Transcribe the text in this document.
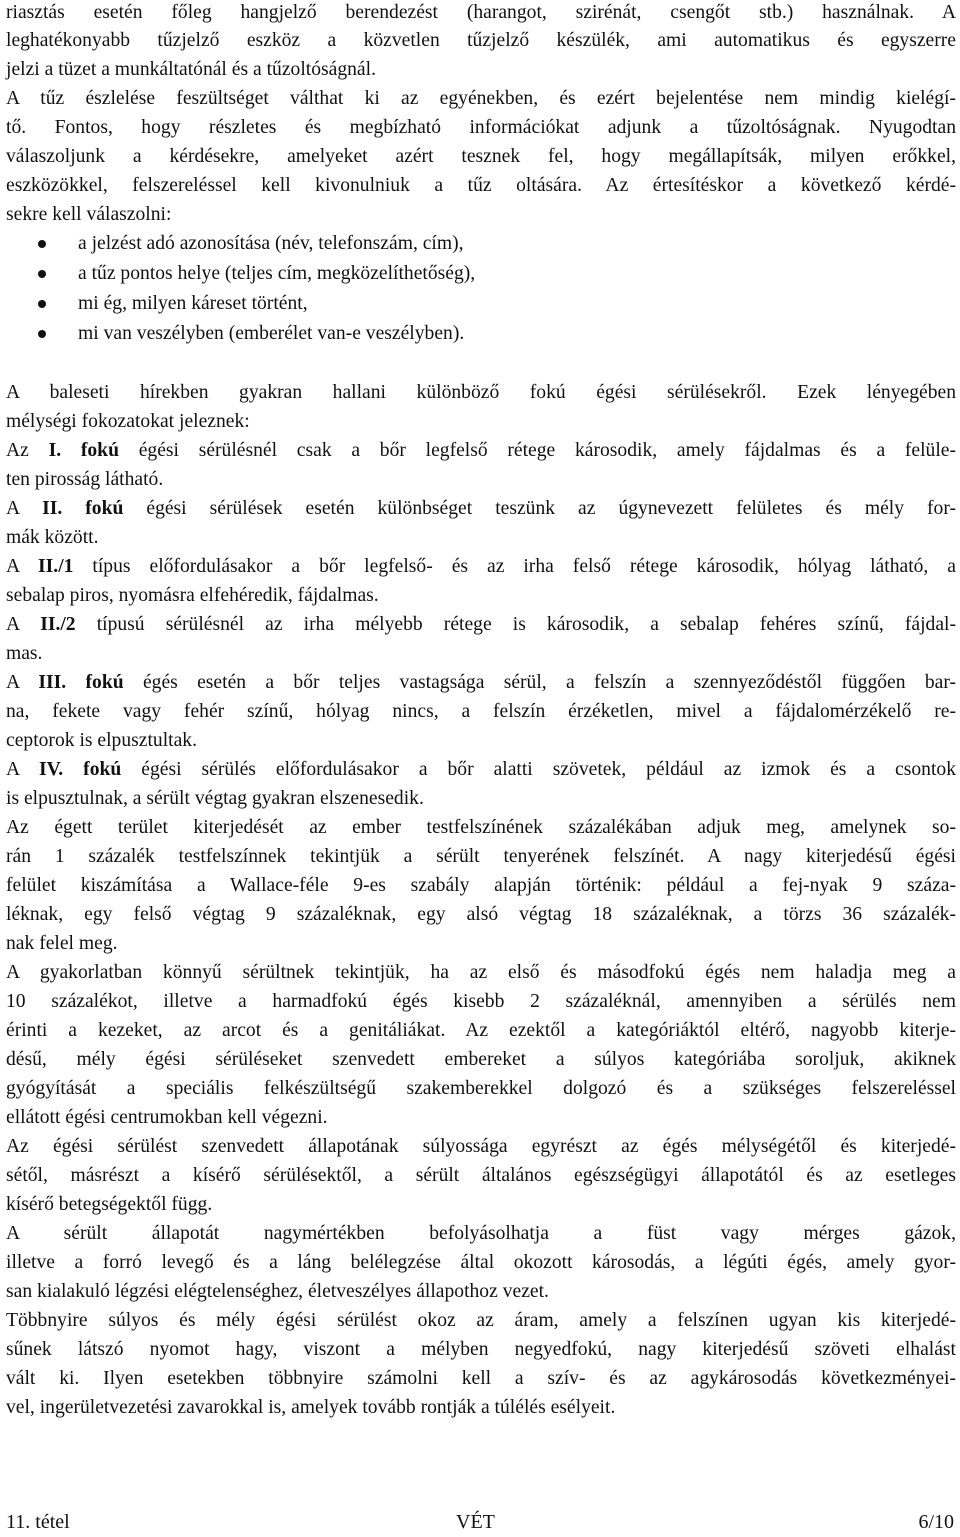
riasztás esetén főleg hangjelző berendezést (harangot, szirénát, csengőt stb.) használnak. A
leghatékonyabb tűzjelző eszköz a közvetlen tűzjelző készülék, ami automatikus és egyszerre
jelzi a tüzet a munkáltatónál és a tűzoltóságnál.
A tűz észlelése feszültséget válthat ki az egyénekben, és ezért bejelentése nem mindig kielégí-
tő. Fontos, hogy részletes és megbízható információkat adjunk a tűzoltóságnak. Nyugodtan
válaszoljunk a kérdésekre, amelyeket azért tesznek fel, hogy megállapítsák, milyen erőkkel,
eszközökkel, felszereléssel kell kivonulniuk a tűz oltására. Az értesítéskor a következő kérdé-
sekre kell válaszolni:
a jelzést adó azonosítása (név, telefonszám, cím),
a tűz pontos helye (teljes cím, megközelíthetőség),
mi ég, milyen káreset történt,
mi van veszélyben (emberélet van-e veszélyben).
A baleseti hírekben gyakran hallani különböző fokú égési sérülésekről. Ezek lényegében
mélységi fokozatokat jeleznek:
Az I. fokú égési sérülésnél csak a bőr legfelső rétege károsodik, amely fájdalmas és a felüle-
ten pirosság látható.
A II. fokú égési sérülések esetén különbséget teszünk az úgynevezett felületes és mély for-
mák között.
A II./1 típus előfordulásakor a bőr legfelső- és az irha felső rétege károsodik, hólyag látható, a
sebalap piros, nyomásra elfehéredik, fájdalmas.
A II./2 típusú sérülésnél az irha mélyebb rétege is károsodik, a sebalap fehéres színű, fájdal-
mas.
A III. fokú égés esetén a bőr teljes vastagsága sérül, a felszín a szennyeződéstől függően bar-
na, fekete vagy fehér színű, hólyag nincs, a felszín érzéketlen, mivel a fájdalomérzékelő re-
ceptorok is elpusztultak.
A IV. fokú égési sérülés előfordulásakor a bőr alatti szövetek, például az izmok és a csontok
is elpusztulnak, a sérült végtag gyakran elszenesedik.
Az égett terület kiterjedését az ember testfelszínének százalékában adjuk meg, amelynek so-
rán 1 százalék testfelszínnek tekintjük a sérült tenyerének felszínét. A nagy kiterjedésű égési
felület kiszámítása a Wallace-féle 9-es szabály alapján történik: például a fej-nyak 9 száza-
léknak, egy felső végtag 9 százaléknak, egy alsó végtag 18 százaléknak, a törzs 36 százalék-
nak felel meg.
A gyakorlatban könnyű sérültnek tekintjük, ha az első és másodfokú égés nem haladja meg a
10 százalékot, illetve a harmadfokú égés kisebb 2 százaléknál, amennyiben a sérülés nem
érinti a kezeket, az arcot és a genitáliákat. Az ezektől a kategóriáktól eltérő, nagyobb kiterje-
désű, mély égési sérüléseket szenvedett embereket a súlyos kategóriába soroljuk, akiknek
gyógyítását a speciális felkészültségű szakemberekkel dolgozó és a szükséges felszereléssel
ellátott égési centrumokban kell végezni.
Az égési sérülést szenvedett állapotának súlyossága egyrészt az égés mélységétől és kiterjedé-
sétől, másrészt a kísérő sérülésektől, a sérült általános egészségügyi állapotától és az esetleges
kísérő betegségektől függ.
A sérült állapotát nagymértékben befolyásolhatja a füst vagy mérges gázok,
illetve a forró levegő és a láng belélegzése által okozott károsodás, a légúti égés, amely gyor-
san kialakuló légzési elégtelenséghez, életveszélyes állapothoz vezet.
Többnyire súlyos és mély égési sérülést okoz az áram, amely a felszínen ugyan kis kiterjedé-
sűnek látszó nyomot hagy, viszont a mélyben negyedfokú, nagy kiterjedésű szöveti elhalást
vált ki. Ilyen esetekben többnyire számolni kell a szív- és az agykárosodás következményei-
vel, ingerületvezetési zavarokkal is, amelyek tovább rontják a túlélés esélyeit.
11. tétel	VÉT	6/10
